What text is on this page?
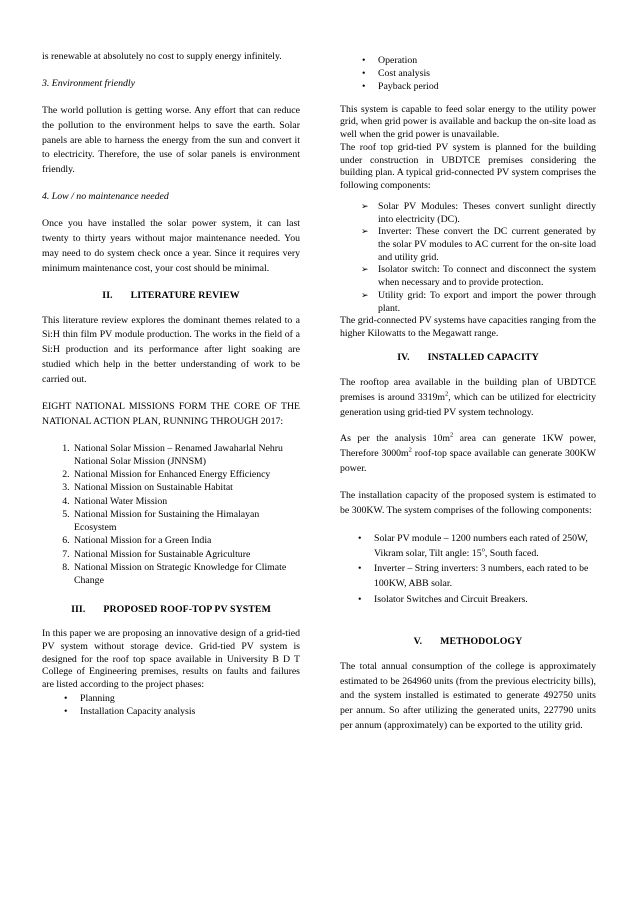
is renewable at absolutely no cost to supply energy infinitely.

3. Environment friendly

The world pollution is getting worse. Any effort that can reduce the pollution to the environment helps to save the earth. Solar panels are able to harness the energy from the sun and convert it to electricity. Therefore, the use of solar panels is environment friendly.

4. Low / no maintenance needed

Once you have installed the solar power system, it can last twenty to thirty years without major maintenance needed. You may need to do system check once a year. Since it requires very minimum maintenance cost, your cost should be minimal.

II. LITERATURE REVIEW

This literature review explores the dominant themes related to a Si:H thin film PV module production. The works in the field of a Si:H production and its performance after light soaking are studied which help in the better understanding of work to be carried out.

EIGHT NATIONAL MISSIONS FORM THE CORE OF THE NATIONAL ACTION PLAN, RUNNING THROUGH 2017:

1. National Solar Mission – Renamed Jawaharlal Nehru National Solar Mission (JNNSM)
2. National Mission for Enhanced Energy Efficiency
3. National Mission on Sustainable Habitat
4. National Water Mission
5. National Mission for Sustaining the Himalayan Ecosystem
6. National Mission for a Green India
7. National Mission for Sustainable Agriculture
8. National Mission on Strategic Knowledge for Climate Change
III. PROPOSED ROOF-TOP PV SYSTEM

In this paper we are proposing an innovative design of a grid-tied PV system without storage device. Grid-tied PV system is designed for the roof top space available in University B D T College of Engineering premises, results on faults and failures are listed according to the project phases:

• Planning
• Installation Capacity analysis
• Operation
• Cost analysis
• Payback period

This system is capable to feed solar energy to the utility power grid, when grid power is available and backup the on-site load as well when the grid power is unavailable.

The roof top grid-tied PV system is planned for the building under construction in UBDTCE premises considering the building plan. A typical grid-connected PV system comprises the following components:

➢ Solar PV Modules: Theses convert sunlight directly into electricity (DC).
➢ Inverter: These convert the DC current generated by the solar PV modules to AC current for the on-site load and utility grid.
➢ Isolator switch: To connect and disconnect the system when necessary and to provide protection.
➢ Utility grid: To export and import the power through plant.

The grid-connected PV systems have capacities ranging from the higher Kilowatts to the Megawatt range.

IV. INSTALLED CAPACITY

The rooftop area available in the building plan of UBDTCE premises is around $3319m^2$, which can be utilized for electricity generation using grid-tied PV system technology.

As per the analysis $10m^2$ area can generate 1KW power, Therefore $3000m^2$ roof-top space available can generate 300KW power.

The installation capacity of the proposed system is estimated to be 300KW. The system comprises of the following components:

• Solar PV module – 1200 numbers each rated of 250W, Vikram solar, Tilt angle: 15$^o$, South faced.
• Inverter – String inverters: 3 numbers, each rated to be 100KW, ABB solar.
• Isolator Switches and Circuit Breakers.
V. METHODOLOGY

The total annual consumption of the college is approximately estimated to be 264960 units (from the previous electricity bills), and the system installed is estimated to generate 492750 units per annum. So after utilizing the generated units, 227790 units per annum (approximately) can be exported to the utility grid.
